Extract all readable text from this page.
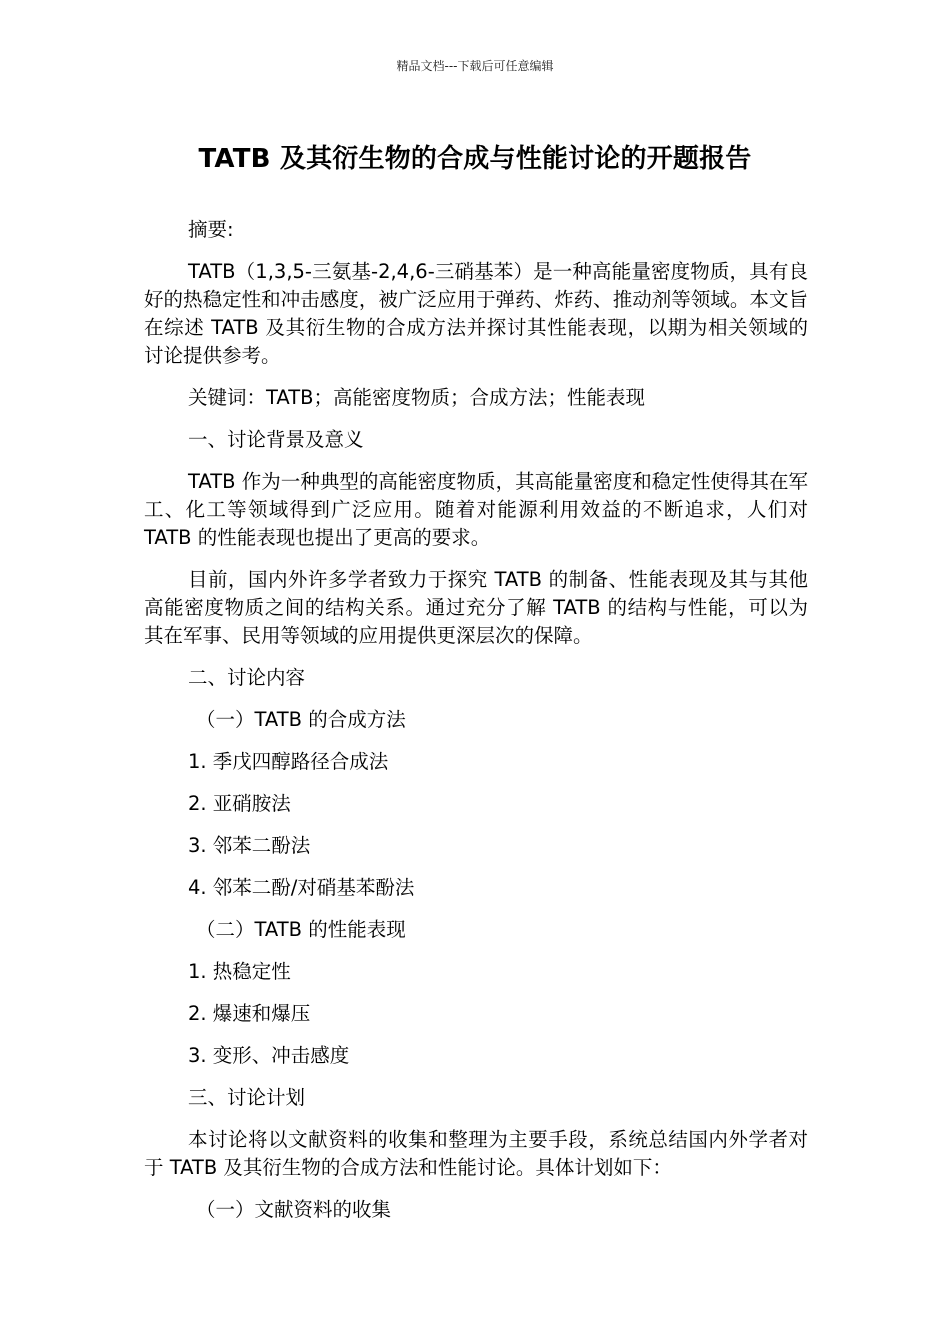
精品文档---下载后可任意编辑
TATB 及其衍生物的合成与性能讨论的开题报告

摘要:

TATB（1,3,5-三氨基-2,4,6-三硝基苯）是一种高能量密度物质，具有良好的热稳定性和冲击感度，被广泛应用于弹药、炸药、推动剂等领域。本文旨在综述 TATB 及其衍生物的合成方法并探讨其性能表现，以期为相关领域的讨论提供参考。

关键词：TATB；高能密度物质；合成方法；性能表现

一、讨论背景及意义

TATB 作为一种典型的高能密度物质，其高能量密度和稳定性使得其在军工、化工等领域得到广泛应用。随着对能源利用效益的不断追求，人们对 TATB 的性能表现也提出了更高的要求。

目前，国内外许多学者致力于探究 TATB 的制备、性能表现及其与其他高能密度物质之间的结构关系。通过充分了解 TATB 的结构与性能，可以为其在军事、民用等领域的应用提供更深层次的保障。

二、讨论内容

（一）TATB 的合成方法

1. 季戊四醇路径合成法

2. 亚硝胺法

3. 邻苯二酚法

4. 邻苯二酚/对硝基苯酚法

（二）TATB 的性能表现

1. 热稳定性

2. 爆速和爆压

3. 变形、冲击感度

三、讨论计划

本讨论将以文献资料的收集和整理为主要手段，系统总结国内外学者对于 TATB 及其衍生物的合成方法和性能讨论。具体计划如下：

（一）文献资料的收集
